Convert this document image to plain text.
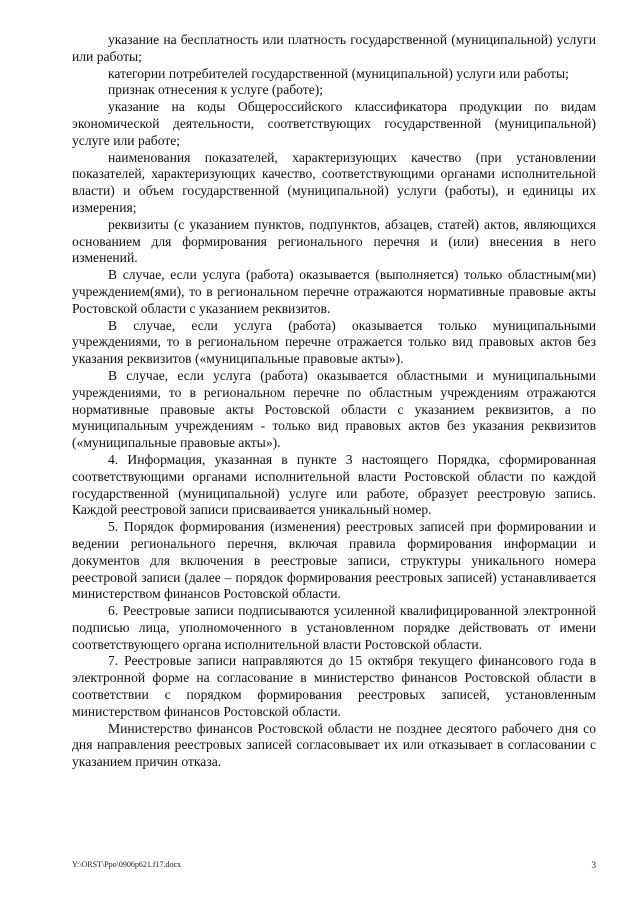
указание на бесплатность или платность государственной (муниципальной) услуги или работы;

категории потребителей государственной (муниципальной) услуги или работы;

признак отнесения к услуге (работе);

указание на коды Общероссийского классификатора продукции по видам экономической деятельности, соответствующих государственной (муниципальной) услуге или работе;

наименования показателей, характеризующих качество (при установлении показателей, характеризующих качество, соответствующими органами исполнительной власти) и объем государственной (муниципальной) услуги (работы), и единицы их измерения;

реквизиты (с указанием пунктов, подпунктов, абзацев, статей) актов, являющихся основанием для формирования регионального перечня и (или) внесения в него изменений.

В случае, если услуга (работа) оказывается (выполняется) только областным(ми) учреждением(ями), то в региональном перечне отражаются нормативные правовые акты Ростовской области с указанием реквизитов.

В случае, если услуга (работа) оказывается только муниципальными учреждениями, то в региональном перечне отражается только вид правовых актов без указания реквизитов («муниципальные правовые акты»).

В случае, если услуга (работа) оказывается областными и муниципальными учреждениями, то в региональном перечне по областным учреждениям отражаются нормативные правовые акты Ростовской области с указанием реквизитов, а по муниципальным учреждениям - только вид правовых актов без указания реквизитов («муниципальные правовые акты»).

4. Информация, указанная в пункте 3 настоящего Порядка, сформированная соответствующими органами исполнительной власти Ростовской области по каждой государственной (муниципальной) услуге или работе, образует реестровую запись. Каждой реестровой записи присваивается уникальный номер.

5. Порядок формирования (изменения) реестровых записей при формировании и ведении регионального перечня, включая правила формирования информации и документов для включения в реестровые записи, структуры уникального номера реестровой записи (далее – порядок формирования реестровых записей) устанавливается министерством финансов Ростовской области.

6. Реестровые записи подписываются усиленной квалифицированной электронной подписью лица, уполномоченного в установленном порядке действовать от имени соответствующего органа исполнительной власти Ростовской области.

7. Реестровые записи направляются до 15 октября текущего финансового года в электронной форме на согласование в министерство финансов Ростовской области в соответствии с порядком формирования реестровых записей, установленным министерством финансов Ростовской области.

Министерство финансов Ростовской области не позднее десятого рабочего дня со дня направления реестровых записей согласовывает их или отказывает в согласовании с указанием причин отказа.

Y:\ORST\Ppo\0906p621.f17.docx	3
